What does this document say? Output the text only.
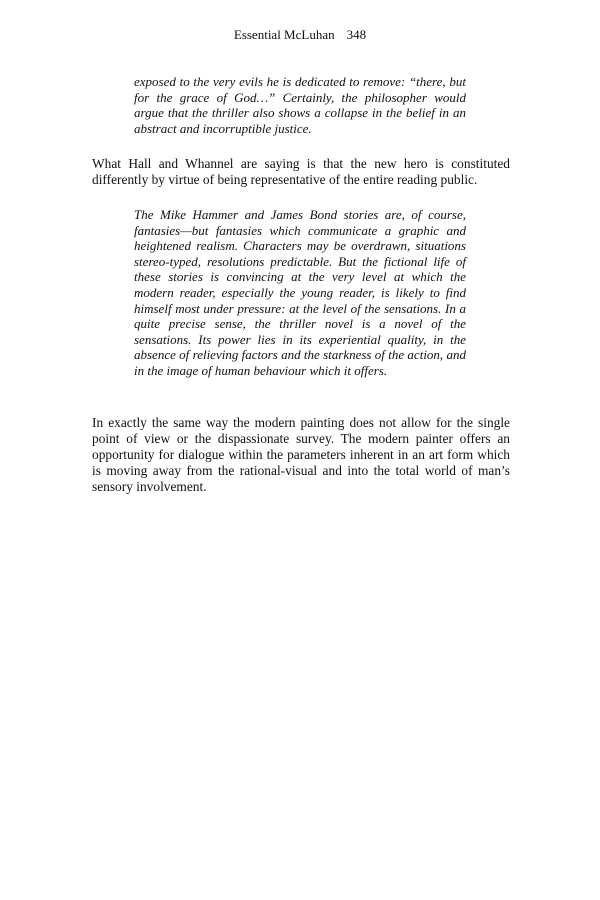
Essential McLuhan 348

exposed to the very evils he is dedicated to remove: “there, but for the grace of God…” Certainly, the philosopher would argue that the thriller also shows a collapse in the belief in an abstract and incorruptible justice.

What Hall and Whannel are saying is that the new hero is constituted differently by virtue of being representative of the entire reading public.

The Mike Hammer and James Bond stories are, of course, fantasies—but fantasies which communicate a graphic and heightened realism. Characters may be overdrawn, situations stereo-typed, resolutions predictable. But the fictional life of these stories is convincing at the very level at which the modern reader, especially the young reader, is likely to find himself most under pressure: at the level of the sensations. In a quite precise sense, the thriller novel is a novel of the sensations. Its power lies in its experiential quality, in the absence of relieving factors and the starkness of the action, and in the image of human behaviour which it offers.

In exactly the same way the modern painting does not allow for the single point of view or the dispassionate survey. The modern painter offers an opportunity for dialogue within the parameters inherent in an art form which is moving away from the rational-visual and into the total world of man’s sensory involvement.
